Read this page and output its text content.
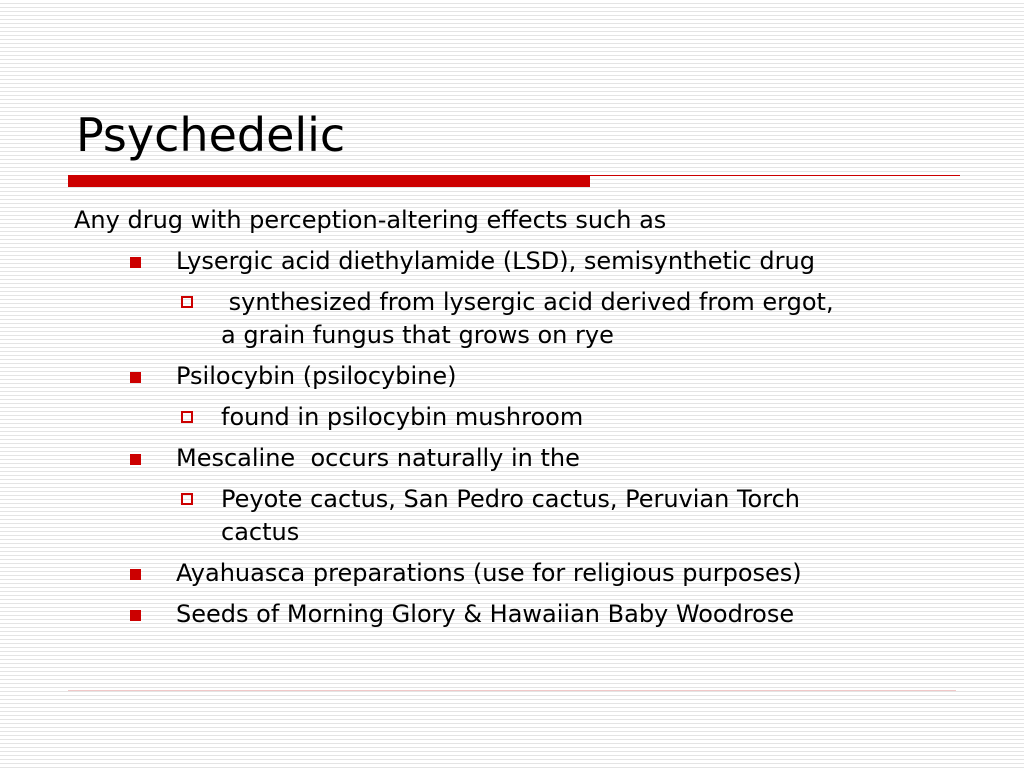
Psychedelic
Any drug with perception-altering effects such as
Lysergic acid diethylamide (LSD), semisynthetic drug
synthesized from lysergic acid derived from ergot,
a grain fungus that grows on rye
Psilocybin (psilocybine)
found in psilocybin mushroom
Mescaline  occurs naturally in the
Peyote cactus, San Pedro cactus, Peruvian Torch
cactus
Ayahuasca preparations (use for religious purposes)
Seeds of Morning Glory & Hawaiian Baby Woodrose
